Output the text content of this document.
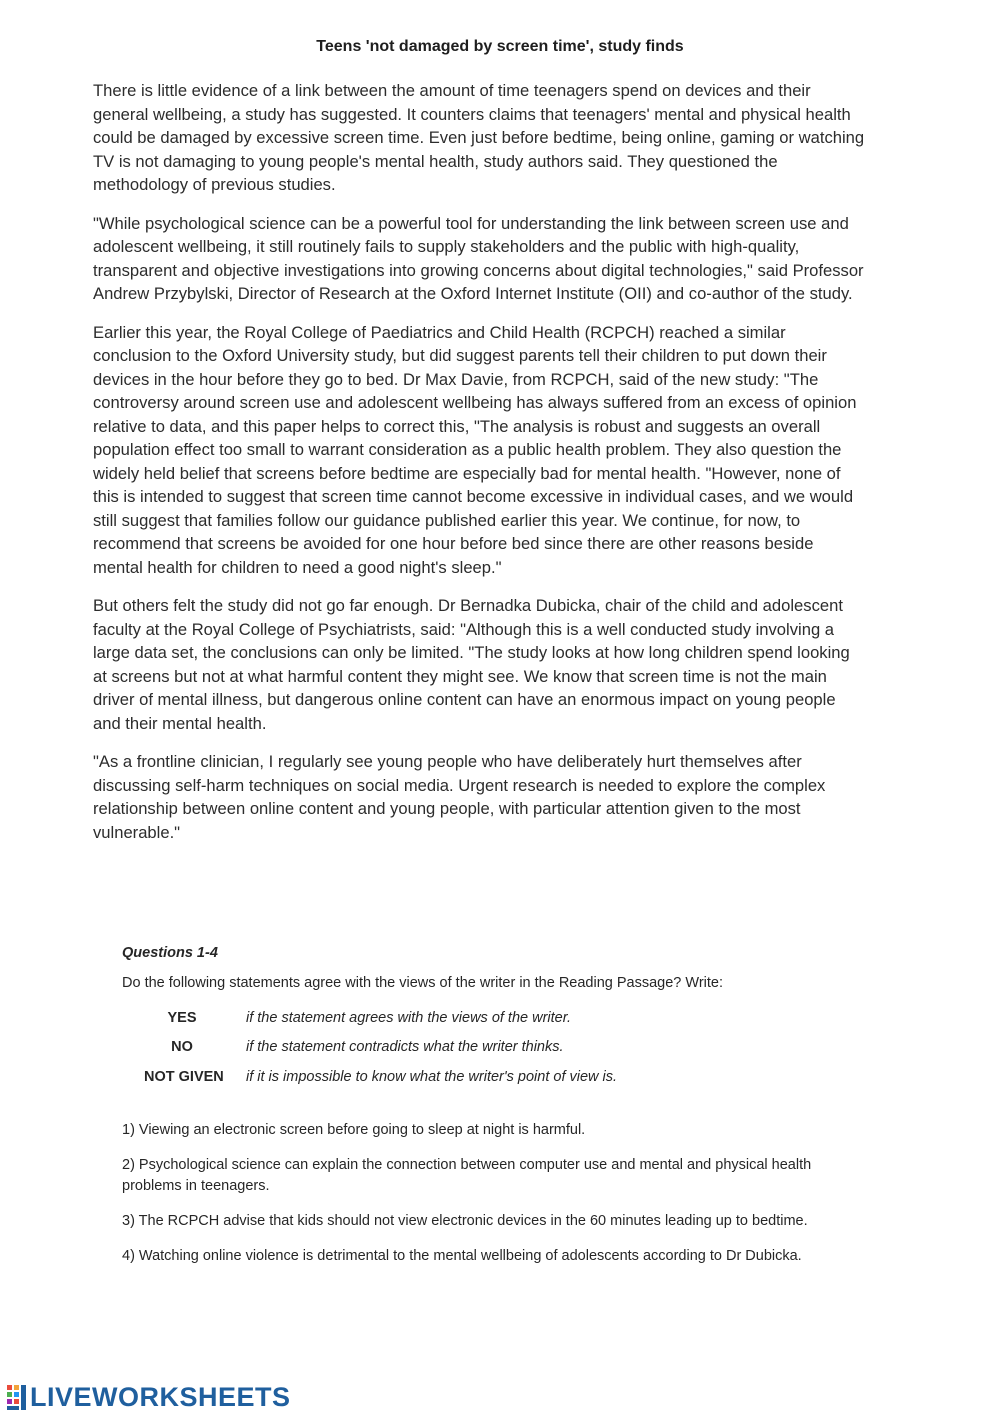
Teens 'not damaged by screen time', study finds

There is little evidence of a link between the amount of time teenagers spend on devices and their general wellbeing, a study has suggested. It counters claims that teenagers' mental and physical health could be damaged by excessive screen time. Even just before bedtime, being online, gaming or watching TV is not damaging to young people's mental health, study authors said. They questioned the methodology of previous studies.

"While psychological science can be a powerful tool for understanding the link between screen use and adolescent wellbeing, it still routinely fails to supply stakeholders and the public with high-quality, transparent and objective investigations into growing concerns about digital technologies," said Professor Andrew Przybylski, Director of Research at the Oxford Internet Institute (OII) and co-author of the study.

Earlier this year, the Royal College of Paediatrics and Child Health (RCPCH) reached a similar conclusion to the Oxford University study, but did suggest parents tell their children to put down their devices in the hour before they go to bed. Dr Max Davie, from RCPCH, said of the new study: "The controversy around screen use and adolescent wellbeing has always suffered from an excess of opinion relative to data, and this paper helps to correct this, "The analysis is robust and suggests an overall population effect too small to warrant consideration as a public health problem. They also question the widely held belief that screens before bedtime are especially bad for mental health. "However, none of this is intended to suggest that screen time cannot become excessive in individual cases, and we would still suggest that families follow our guidance published earlier this year. We continue, for now, to recommend that screens be avoided for one hour before bed since there are other reasons beside mental health for children to need a good night's sleep."

But others felt the study did not go far enough. Dr Bernadka Dubicka, chair of the child and adolescent faculty at the Royal College of Psychiatrists, said: "Although this is a well conducted study involving a large data set, the conclusions can only be limited. "The study looks at how long children spend looking at screens but not at what harmful content they might see. We know that screen time is not the main driver of mental illness, but dangerous online content can have an enormous impact on young people and their mental health.

"As a frontline clinician, I regularly see young people who have deliberately hurt themselves after discussing self-harm techniques on social media. Urgent research is needed to explore the complex relationship between online content and young people, with particular attention given to the most vulnerable."

Questions 1-4

Do the following statements agree with the views of the writer in the Reading Passage? Write:

YES	if the statement agrees with the views of the writer.
NO	if the statement contradicts what the writer thinks.
NOT GIVEN	if it is impossible to know what the writer's point of view is.
1) Viewing an electronic screen before going to sleep at night is harmful.
2) Psychological science can explain the connection between computer use and mental and physical health problems in teenagers.
3) The RCPCH advise that kids should not view electronic devices in the 60 minutes leading up to bedtime.
4) Watching online violence is detrimental to the mental wellbeing of adolescents according to Dr Dubicka.
LIVEWORKSHEETS
